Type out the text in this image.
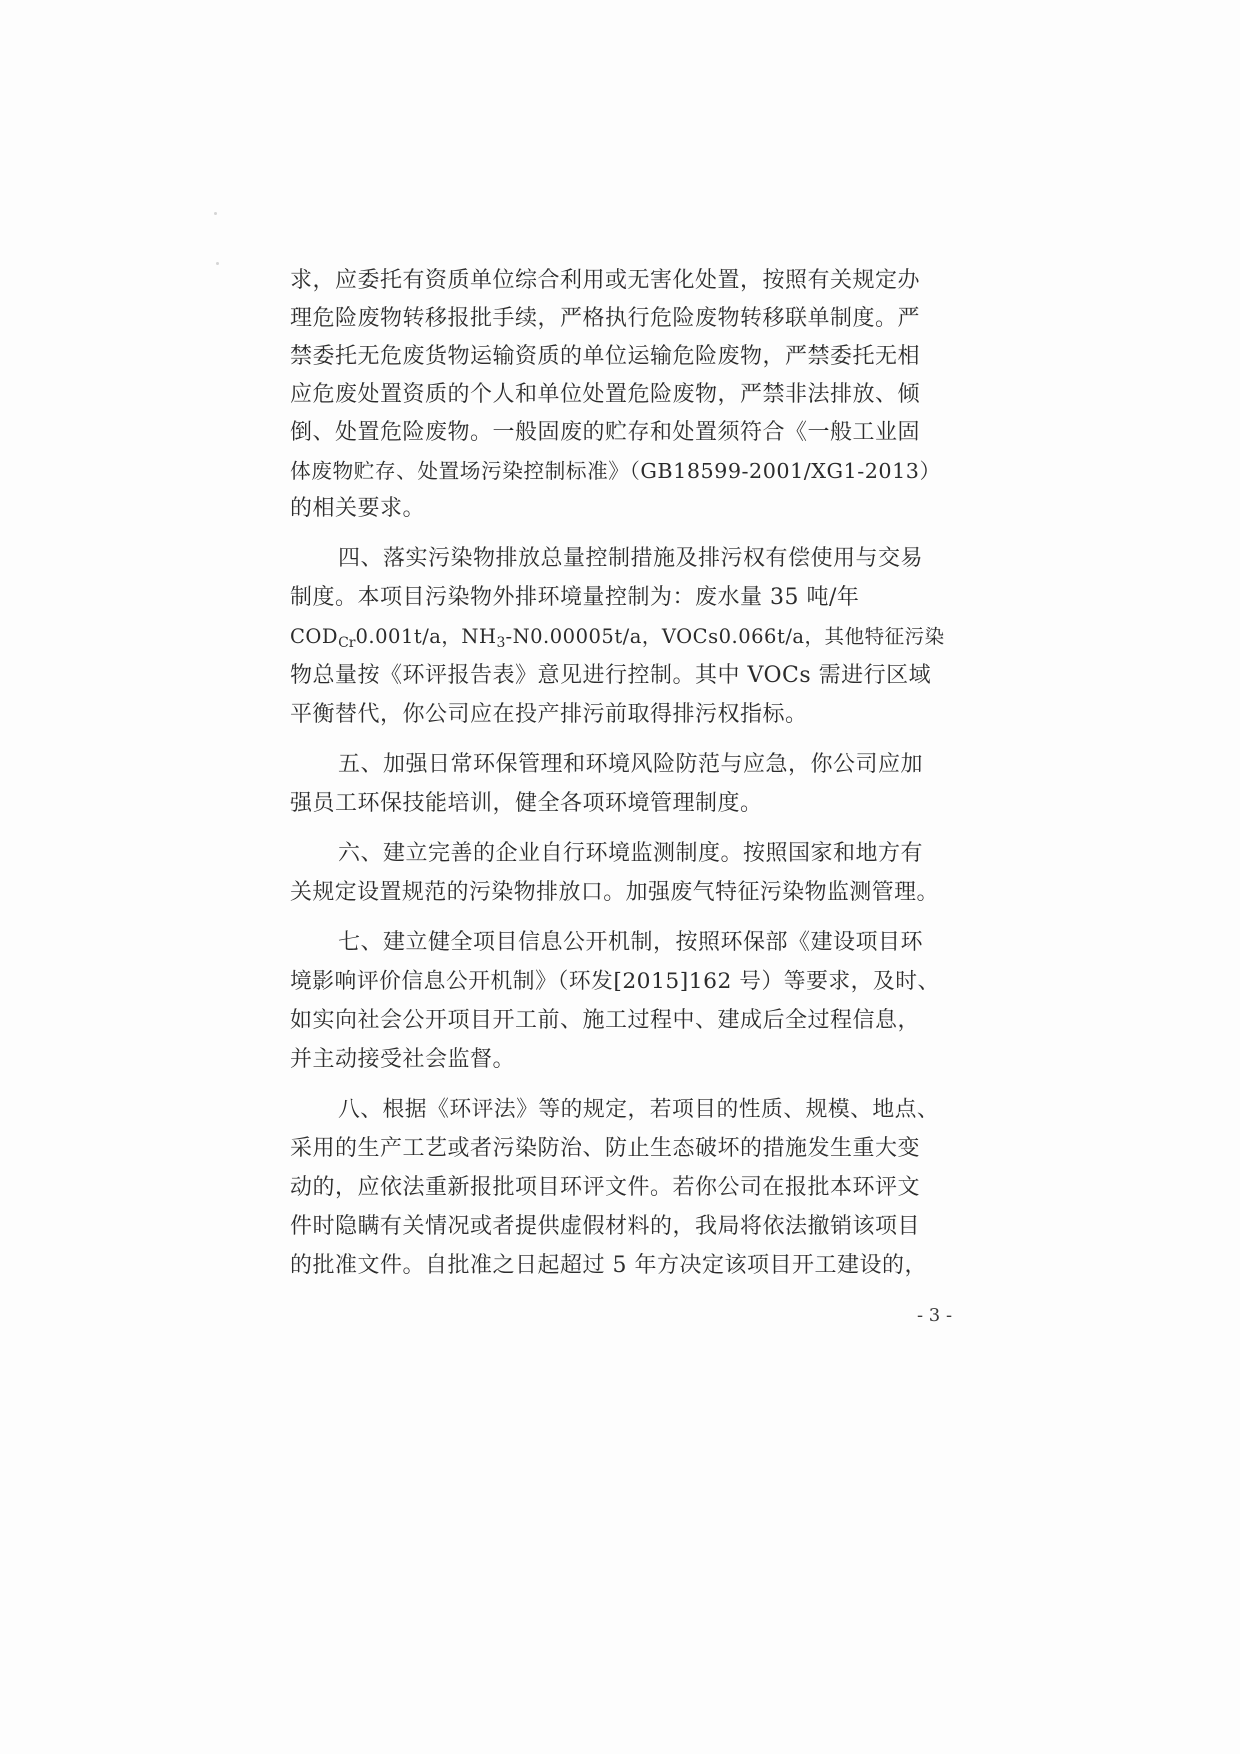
求，应委托有资质单位综合利用或无害化处置，按照有关规定办
理危险废物转移报批手续，严格执行危险废物转移联单制度。严
禁委托无危废货物运输资质的单位运输危险废物，严禁委托无相
应危废处置资质的个人和单位处置危险废物，严禁非法排放、倾
倒、处置危险废物。一般固废的贮存和处置须符合《一般工业固
体废物贮存、处置场污染控制标准》（GB18599-2001/XG1-2013）
的相关要求。
四、落实污染物排放总量控制措施及排污权有偿使用与交易
制度。本项目污染物外排环境量控制为：废水量 35 吨/年
$COD_{Cr}0.001t/a$，$NH_3-N0.00005t/a$，VOCs0.066t/a，其他特征污染
物总量按《环评报告表》意见进行控制。其中 VOCs 需进行区域
平衡替代，你公司应在投产排污前取得排污权指标。
五、加强日常环保管理和环境风险防范与应急，你公司应加
强员工环保技能培训，健全各项环境管理制度。
六、建立完善的企业自行环境监测制度。按照国家和地方有
关规定设置规范的污染物排放口。加强废气特征污染物监测管理。
七、建立健全项目信息公开机制，按照环保部《建设项目环
境影响评价信息公开机制》（环发[2015]162 号）等要求，及时、
如实向社会公开项目开工前、施工过程中、建成后全过程信息，
并主动接受社会监督。
八、根据《环评法》等的规定，若项目的性质、规模、地点、
采用的生产工艺或者污染防治、防止生态破坏的措施发生重大变
动的，应依法重新报批项目环评文件。若你公司在报批本环评文
件时隐瞒有关情况或者提供虚假材料的，我局将依法撤销该项目
的批准文件。自批准之日起超过 5 年方决定该项目开工建设的，
- 3 -
